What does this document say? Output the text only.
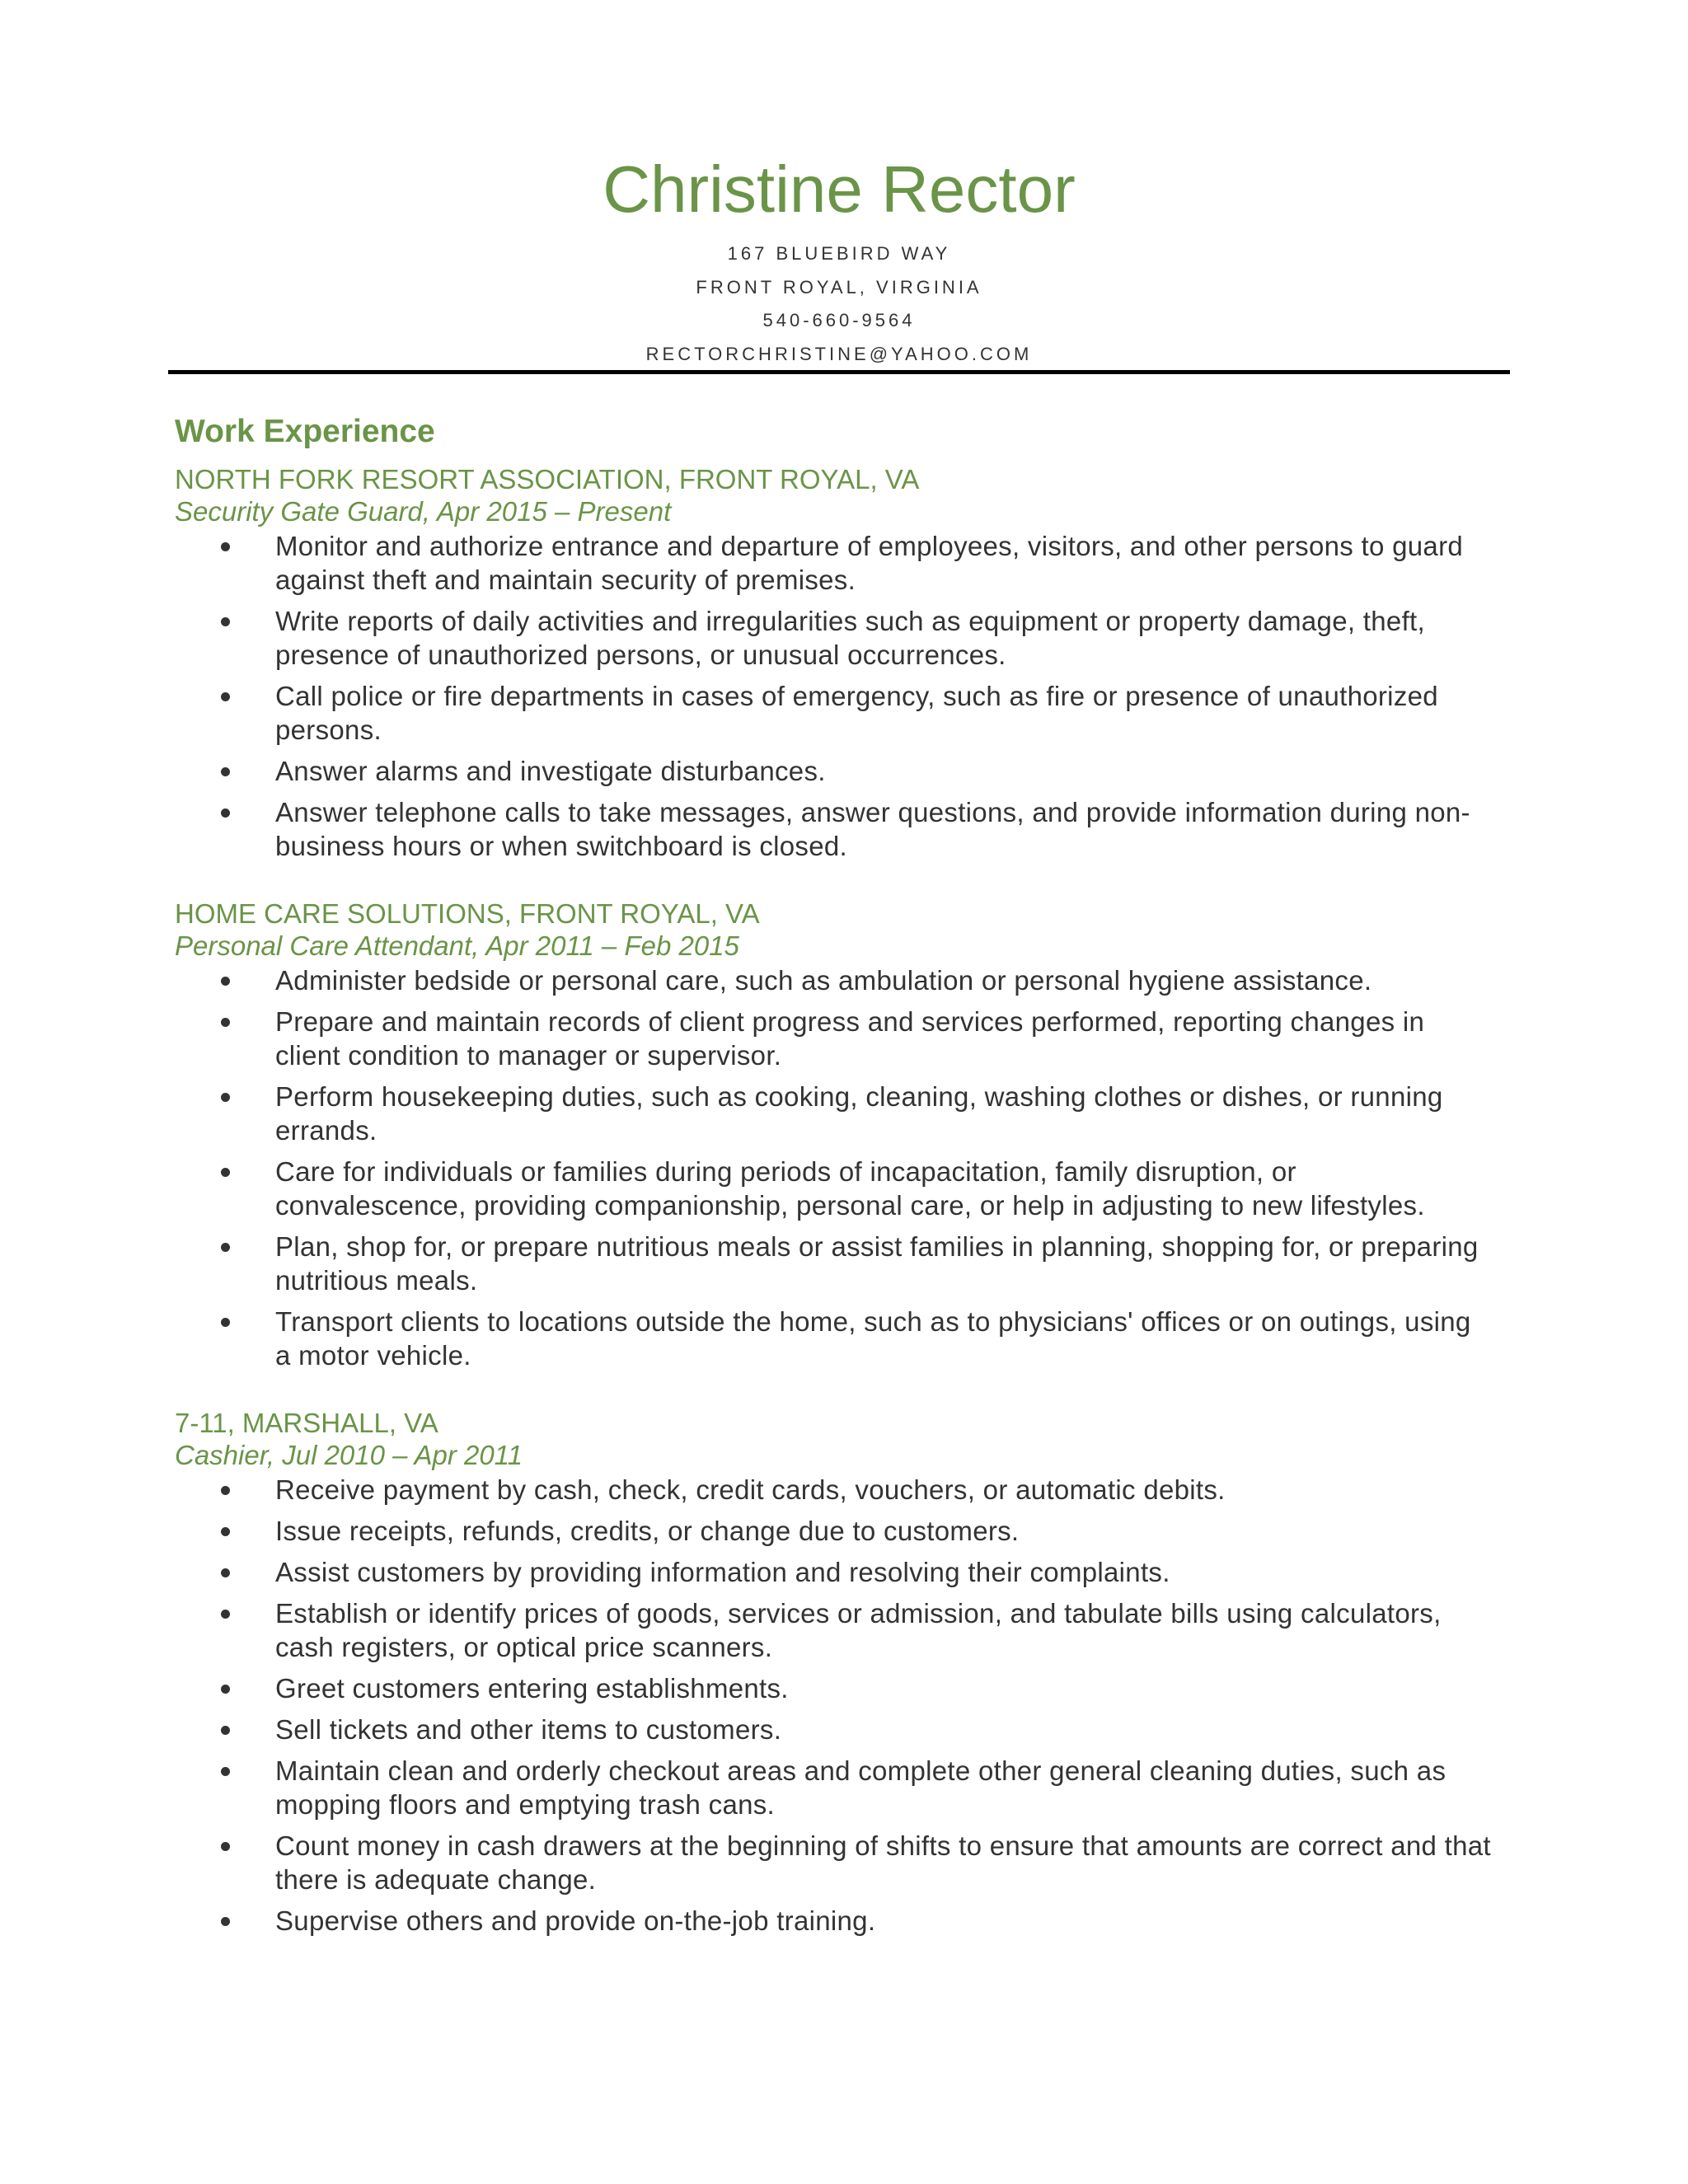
Christine Rector

167 BLUEBIRD WAY

FRONT ROYAL, VIRGINIA

540-660-9564

RECTORCHRISTINE@YAHOO.COM

Work Experience

NORTH FORK RESORT ASSOCIATION, FRONT ROYAL, VA

Security Gate Guard, Apr 2015 – Present

Monitor and authorize entrance and departure of employees, visitors, and other persons to guard against theft and maintain security of premises.
Write reports of daily activities and irregularities such as equipment or property damage, theft, presence of unauthorized persons, or unusual occurrences.
Call police or fire departments in cases of emergency, such as fire or presence of unauthorized persons.
Answer alarms and investigate disturbances.
Answer telephone calls to take messages, answer questions, and provide information during non-business hours or when switchboard is closed.

HOME CARE SOLUTIONS, FRONT ROYAL, VA

Personal Care Attendant, Apr 2011 – Feb 2015

Administer bedside or personal care, such as ambulation or personal hygiene assistance.
Prepare and maintain records of client progress and services performed, reporting changes in client condition to manager or supervisor.
Perform housekeeping duties, such as cooking, cleaning, washing clothes or dishes, or running errands.
Care for individuals or families during periods of incapacitation, family disruption, or convalescence, providing companionship, personal care, or help in adjusting to new lifestyles.
Plan, shop for, or prepare nutritious meals or assist families in planning, shopping for, or preparing nutritious meals.
Transport clients to locations outside the home, such as to physicians' offices or on outings, using a motor vehicle.

7-11, MARSHALL, VA

Cashier, Jul 2010 – Apr 2011

Receive payment by cash, check, credit cards, vouchers, or automatic debits.
Issue receipts, refunds, credits, or change due to customers.
Assist customers by providing information and resolving their complaints.
Establish or identify prices of goods, services or admission, and tabulate bills using calculators, cash registers, or optical price scanners.
Greet customers entering establishments.
Sell tickets and other items to customers.
Maintain clean and orderly checkout areas and complete other general cleaning duties, such as mopping floors and emptying trash cans.
Count money in cash drawers at the beginning of shifts to ensure that amounts are correct and that there is adequate change.
Supervise others and provide on-the-job training.
